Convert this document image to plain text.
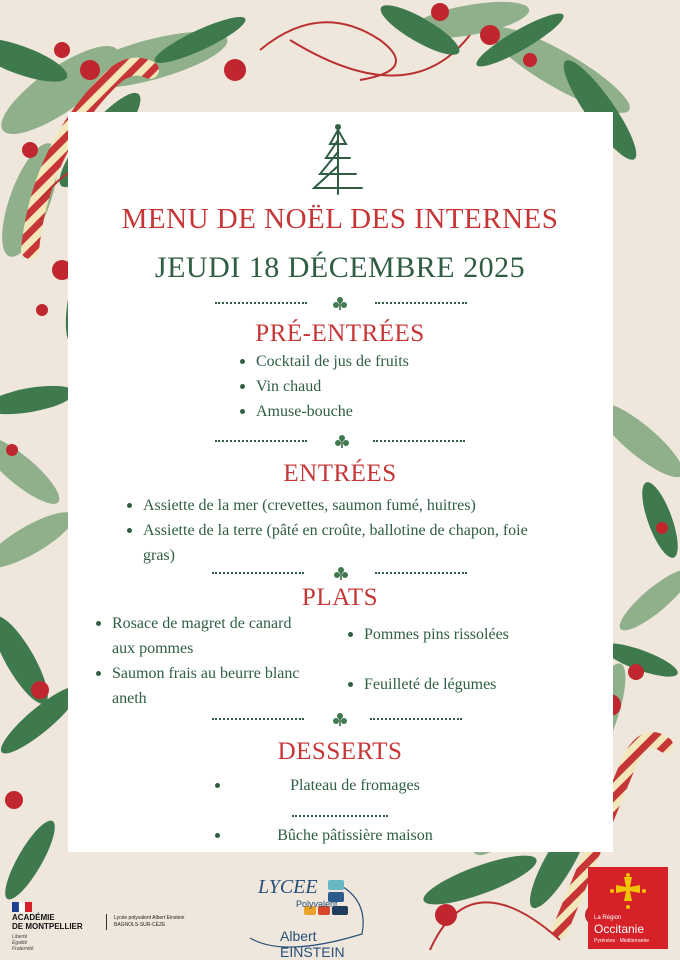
MENU DE NOËL DES INTERNES
JEUDI 18 DÉCEMBRE 2025
PRÉ-ENTRÉES
Cocktail de jus de fruits
Vin chaud
Amuse-bouche
ENTRÉES
Assiette de la mer (crevettes, saumon fumé, huitres)
Assiette de la terre (pâté en croûte, ballotine de chapon, foie
gras)
PLATS
Rosace de magret de canard
aux pommes
Saumon frais au beurre blanc
aneth
Pommes pins rissolées
Feuilleté de légumes
DESSERTS
Plateau de fromages
Bûche pâtissière maison
ACADÉMIE
DE MONTPELLIER
Liberté
Égalité
Fraternité
Lycée polyvalent Albert Einstein
BAGNOLS-SUR-CÈZE
LYCEE
Polyvalent
Albert EINSTEIN
La Région
Occitanie
Pyrénées · Méditerranée
